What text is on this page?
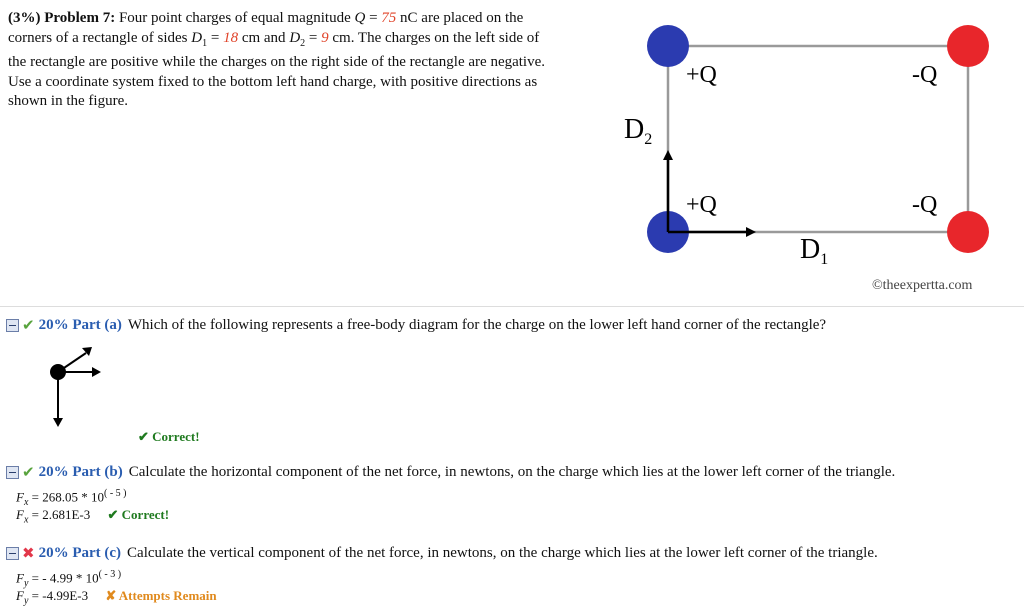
(3%) Problem 7: Four point charges of equal magnitude Q = 75 nC are placed on the
corners of a rectangle of sides $D_1 = 18$ cm and $D_2 = 9$ cm. The charges on the left side of
the rectangle are positive while the charges on the right side of the rectangle are negative.
Use a coordinate system fixed to the bottom left hand charge, with positive directions as
shown in the figure.
+Q	-Q
+Q	-Q
$D_2$
$D_1$
©theexpertta.com
✔ 20% Part (a) Which of the following represents a free-body diagram for the charge on the lower left hand corner of the rectangle?
✔ Correct!
✔ 20% Part (b) Calculate the horizontal component of the net force, in newtons, on the charge which lies at the lower left corner of the triangle.
$F_x = 268.05 * 10^{( - 5 )}$
$F_x = 2.681E-3$ ✔ Correct!
✖ 20% Part (c) Calculate the vertical component of the net force, in newtons, on the charge which lies at the lower left corner of the triangle.
$F_y$ = - $4.99 * 10^{( - 3 )}$
$F_y = -4.99E-3$ ✘ Attempts Remain
